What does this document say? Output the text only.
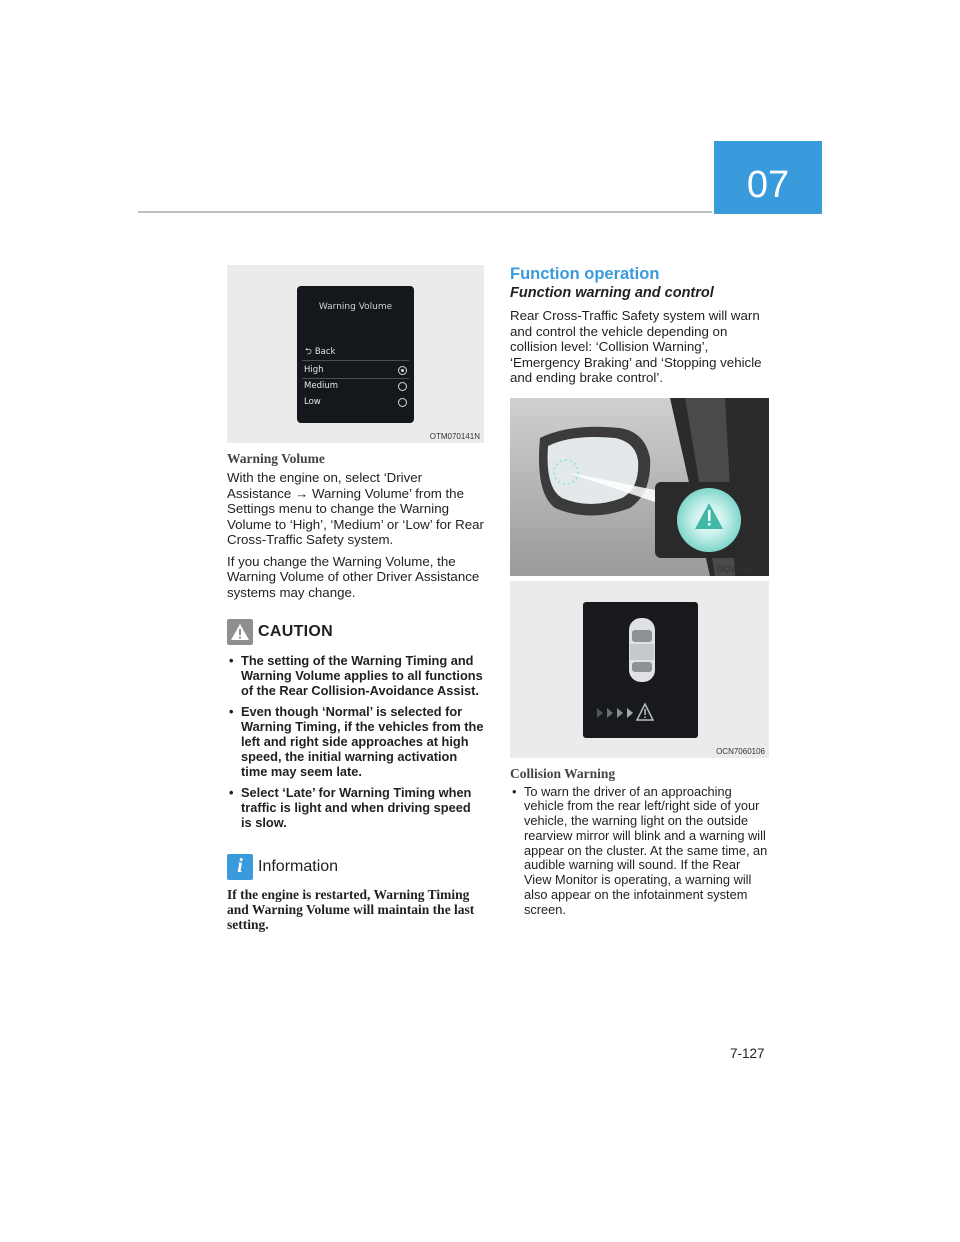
07
Warning Volume
⮌ Back
High
Medium
Low
OTM070141N
Warning Volume

With the engine on, select ‘Driver Assistance → Warning Volume’ from the Settings menu to change the Warning Volume to ‘High’, ‘Medium’ or ‘Low’ for Rear Cross-Traffic Safety system.

If you change the Warning Volume, the Warning Volume of other Driver Assistance systems may change.

CAUTION
• The setting of the Warning Timing and Warning Volume applies to all functions of the Rear Collision-Avoidance Assist.
• Even though ‘Normal’ is selected for Warning Timing, if the vehicles from the left and right side approaches at high speed, the initial warning activation time may seem late.
• Select ‘Late’ for Warning Timing when traffic is light and when driving speed is slow.
i Information
If the engine is restarted, Warning Timing and Warning Volume will maintain the last setting.
Function operation
Function warning and control

Rear Cross-Traffic Safety system will warn and control the vehicle depending on collision level: ‘Collision Warning’, ‘Emergency Braking’ and ‘Stopping vehicle and ending brake control’.

OCN7060116
OCN7060106
Collision Warning
• To warn the driver of an approaching vehicle from the rear left/right side of your vehicle, the warning light on the outside rearview mirror will blink and a warning will appear on the cluster. At the same time, an audible warning will sound. If the Rear View Monitor is operating, a warning will also appear on the infotainment system screen.
7-127
